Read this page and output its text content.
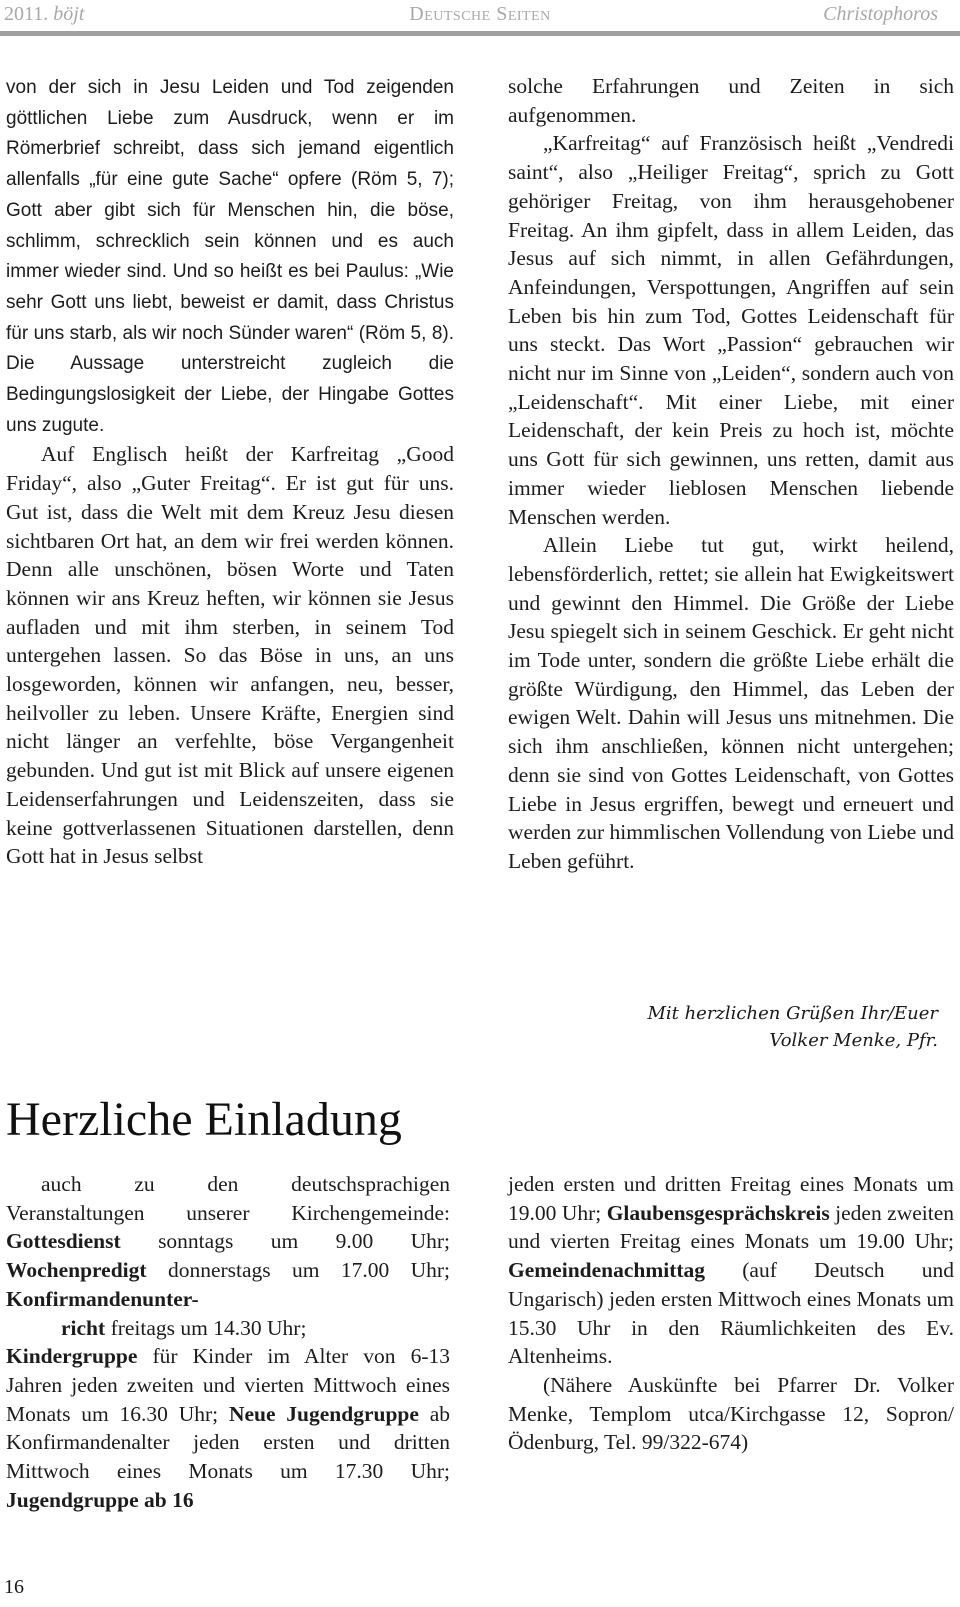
2011. böjt	Deutsche Seiten	Christophoros

von der sich in Jesu Leiden und Tod zeigenden göttlichen Liebe zum Ausdruck, wenn er im Römerbrief schreibt, dass sich jemand eigentlich allenfalls „für eine gute Sache“ opfere (Röm 5, 7); Gott aber gibt sich für Menschen hin, die böse, schlimm, schrecklich sein können und es auch immer wieder sind. Und so heißt es bei Paulus: „Wie sehr Gott uns liebt, beweist er damit, dass Christus für uns starb, als wir noch Sünder waren“ (Röm 5, 8). Die Aussage unterstreicht zugleich die Bedingungslosigkeit der Liebe, der Hingabe Gottes uns zugute.

Auf Englisch heißt der Karfreitag „Good Friday“, also „Guter Freitag“. Er ist gut für uns. Gut ist, dass die Welt mit dem Kreuz Jesu diesen sichtbaren Ort hat, an dem wir frei werden können. Denn alle unschönen, bösen Worte und Taten können wir ans Kreuz heften, wir können sie Jesus aufladen und mit ihm sterben, in seinem Tod untergehen lassen. So das Böse in uns, an uns losgeworden, können wir anfangen, neu, besser, heilvoller zu leben. Unsere Kräfte, Energien sind nicht länger an verfehlte, böse Vergangenheit gebunden. Und gut ist mit Blick auf unsere eigenen Leidenserfahrungen und Leidenszeiten, dass sie keine gottverlassenen Situationen darstellen, denn Gott hat in Jesus selbst

solche Erfahrungen und Zeiten in sich aufgenommen.

„Karfreitag“ auf Französisch heißt „Vendredi saint“, also „Heiliger Freitag“, sprich zu Gott gehöriger Freitag, von ihm herausgehobener Freitag. An ihm gipfelt, dass in allem Leiden, das Jesus auf sich nimmt, in allen Gefährdungen, Anfeindungen, Verspottungen, Angriffen auf sein Leben bis hin zum Tod, Gottes Leidenschaft für uns steckt. Das Wort „Passion“ gebrauchen wir nicht nur im Sinne von „Leiden“, sondern auch von „Leidenschaft“. Mit einer Liebe, mit einer Leidenschaft, der kein Preis zu hoch ist, möchte uns Gott für sich gewinnen, uns retten, damit aus immer wieder lieblosen Menschen liebende Menschen werden.

Allein Liebe tut gut, wirkt heilend, lebensförderlich, rettet; sie allein hat Ewigkeitswert und gewinnt den Himmel. Die Größe der Liebe Jesu spiegelt sich in seinem Geschick. Er geht nicht im Tode unter, sondern die größte Liebe erhält die größte Würdigung, den Himmel, das Leben der ewigen Welt. Dahin will Jesus uns mitnehmen. Die sich ihm anschließen, können nicht untergehen; denn sie sind von Gottes Leidenschaft, von Gottes Liebe in Jesus ergriffen, bewegt und erneuert und werden zur himmlischen Vollendung von Liebe und Leben geführt.

Mit herzlichen Grüßen Ihr/Euer
Volker Menke, Pfr.
Herzliche Einladung

auch zu den deutschsprachigen Veranstaltungen unserer Kirchengemeinde: Gottesdienst sonntags um 9.00 Uhr; Wochenpredigt donnerstags um 17.00 Uhr; Konfirmandenunter-
richt freitags um 14.30 Uhr;

Kindergruppe für Kinder im Alter von 6-13 Jahren jeden zweiten und vierten Mittwoch eines Monats um 16.30 Uhr; Neue Jugendgruppe ab Konfirmandenalter jeden ersten und dritten Mittwoch eines Monats um 17.30 Uhr; Jugendgruppe ab 16

jeden ersten und dritten Freitag eines Monats um 19.00 Uhr; Glaubensgesprächskreis jeden zweiten und vierten Freitag eines Monats um 19.00 Uhr; Gemeindenachmittag (auf Deutsch und Ungarisch) jeden ersten Mittwoch eines Monats um 15.30 Uhr in den Räumlichkeiten des Ev. Altenheims.

(Nähere Auskünfte bei Pfarrer Dr. Volker Menke, Templom utca/Kirchgasse 12, Sopron/Ödenburg, Tel. 99/322-674)

16
